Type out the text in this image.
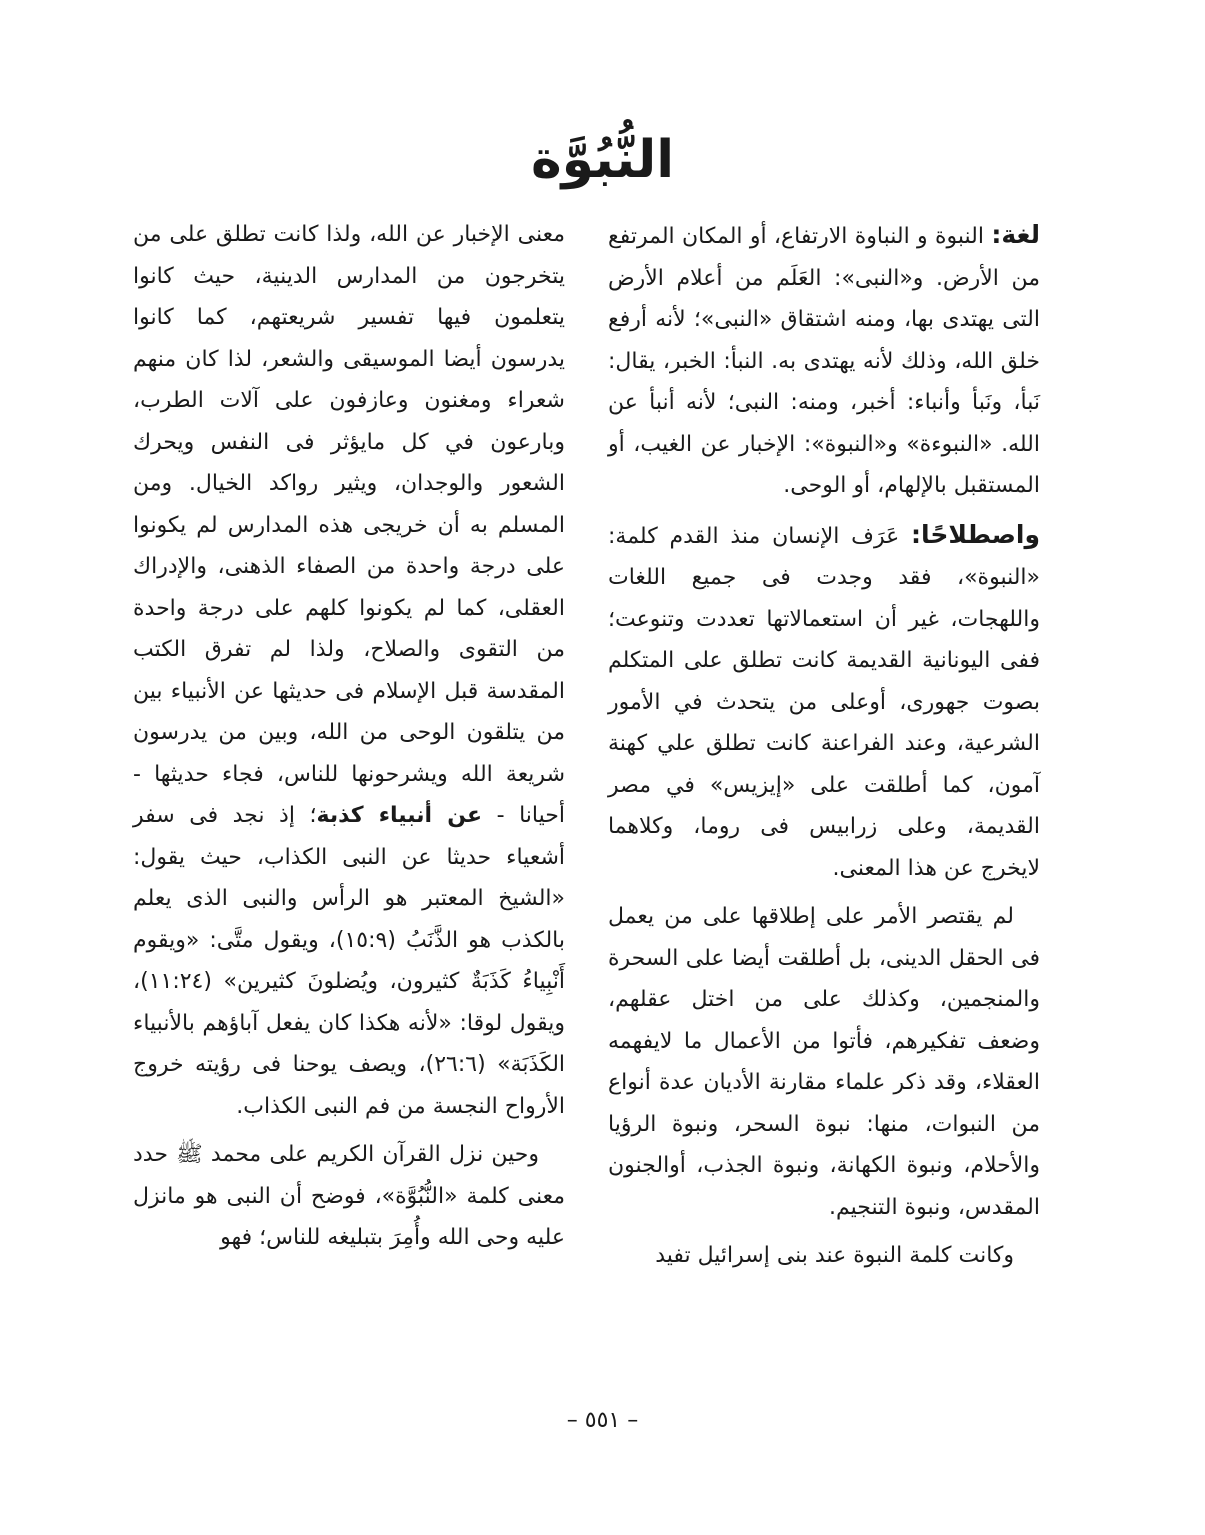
النُّبُوَّة

لغة: النبوة و النباوة الارتفاع، أو المكان المرتفع من الأرض. و«النبى»: العَلَم من أعلام الأرض التى يهتدى بها، ومنه اشتقاق «النبى»؛ لأنه أرفع خلق الله، وذلك لأنه يهتدى به. النبأ: الخبر، يقال: نَبأ، ونَبأ وأنباء: أخبر، ومنه: النبى؛ لأنه أنبأ عن الله. «النبوءة» و«النبوة»: الإخبار عن الغيب، أو المستقبل بالإلهام، أو الوحى.

واصطلاحًا: عَرَف الإنسان منذ القدم كلمة: «النبوة»، فقد وجدت فى جميع اللغات واللهجات، غير أن استعمالاتها تعددت وتنوعت؛ ففى اليونانية القديمة كانت تطلق على المتكلم بصوت جهورى، أوعلى من يتحدث في الأمور الشرعية، وعند الفراعنة كانت تطلق علي كهنة آمون، كما أطلقت على «إيزيس» في مصر القديمة، وعلى زرابيس فى روما، وكلاهما لايخرج عن هذا المعنى.

لم يقتصر الأمر على إطلاقها على من يعمل فى الحقل الدينى، بل أطلقت أيضا على السحرة والمنجمين، وكذلك على من اختل عقلهم، وضعف تفكيرهم، فأتوا من الأعمال ما لايفهمه العقلاء، وقد ذكر علماء مقارنة الأديان عدة أنواع من النبوات، منها: نبوة السحر، ونبوة الرؤيا والأحلام، ونبوة الكهانة، ونبوة الجذب، أوالجنون المقدس، ونبوة التنجيم.

وكانت كلمة النبوة عند بنى إسرائيل تفيد

معنى الإخبار عن الله، ولذا كانت تطلق على من يتخرجون من المدارس الدينية، حيث كانوا يتعلمون فيها تفسير شريعتهم، كما كانوا يدرسون أيضا الموسيقى والشعر، لذا كان منهم شعراء ومغنون وعازفون على آلات الطرب، وبارعون في كل مايؤثر فى النفس ويحرك الشعور والوجدان، ويثير رواكد الخيال. ومن المسلم به أن خريجى هذه المدارس لم يكونوا على درجة واحدة من الصفاء الذهنى، والإدراك العقلى، كما لم يكونوا كلهم على درجة واحدة من التقوى والصلاح، ولذا لم تفرق الكتب المقدسة قبل الإسلام فى حديثها عن الأنبياء بين من يتلقون الوحى من الله، وبين من يدرسون شريعة الله ويشرحونها للناس، فجاء حديثها - أحيانا - عن أنبياء كذبة؛ إذ نجد فى سفر أشعياء حديثا عن النبى الكذاب، حيث يقول: «الشيخ المعتبر هو الرأس والنبى الذى يعلم بالكذب هو الذَّنَبُ (١٥:٩)، ويقول متَّى: «ويقوم أَنْبِياءُ كَذَبَةٌ كثيرون، ويُضلونَ كثيرين» (١١:٢٤)، ويقول لوقا: «لأنه هكذا كان يفعل آباؤهم بالأنبياء الكَذَبَة» (٢٦:٦)، ويصف يوحنا فى رؤيته خروج الأرواح النجسة من فم النبى الكذاب.

وحين نزل القرآن الكريم على محمد ﷺ حدد معنى كلمة «النُّبُوَّة»، فوضح أن النبى هو مانزل عليه وحى الله وأُمِرَ بتبليغه للناس؛ فهو

– ٥٥١ –
